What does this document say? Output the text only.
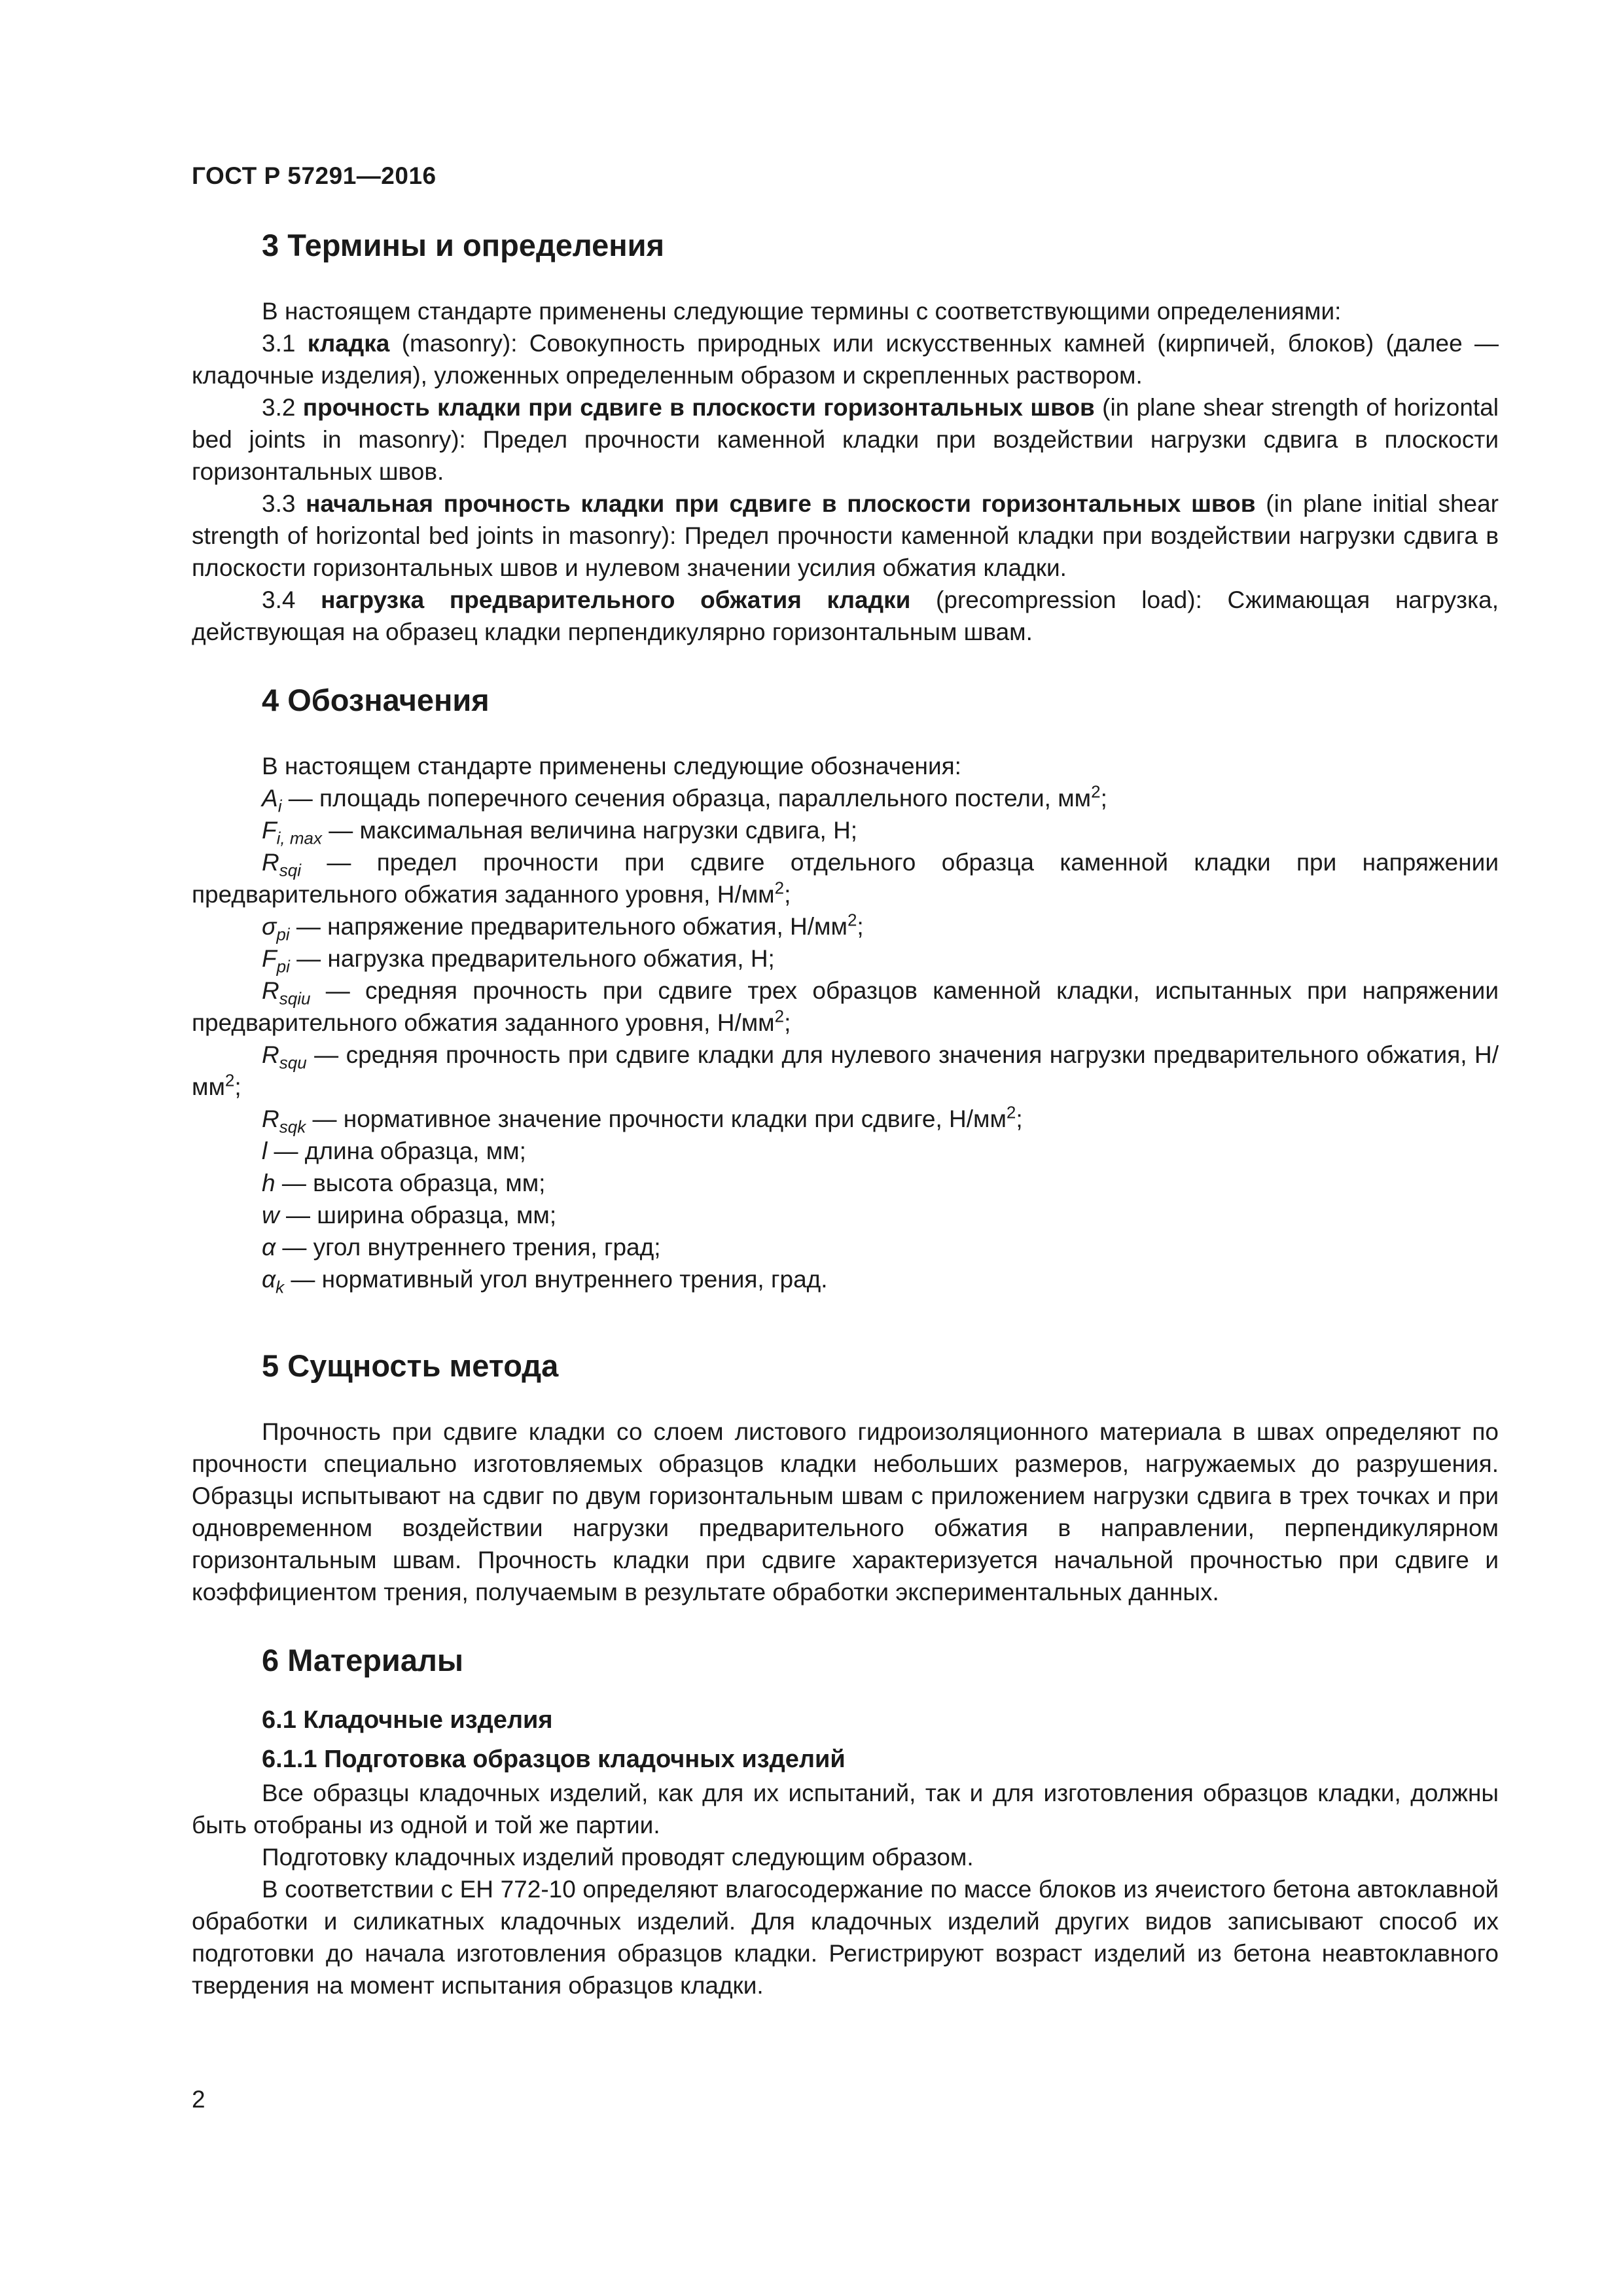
ГОСТ Р 57291—2016
3 Термины и определения

В настоящем стандарте применены следующие термины с соответствующими определениями:

3.1 кладка (masonry): Совокупность природных или искусственных камней (кирпичей, блоков) (далее — кладочные изделия), уложенных определенным образом и скрепленных раствором.

3.2 прочность кладки при сдвиге в плоскости горизонтальных швов (in plane shear strength of horizontal bed joints in masonry): Предел прочности каменной кладки при воздействии нагрузки сдвига в плоскости горизонтальных швов.

3.3 начальная прочность кладки при сдвиге в плоскости горизонтальных швов (in plane initial shear strength of horizontal bed joints in masonry): Предел прочности каменной кладки при воздействии нагрузки сдвига в плоскости горизонтальных швов и нулевом значении усилия обжатия кладки.

3.4 нагрузка предварительного обжатия кладки (precompression load): Сжимающая нагрузка, действующая на образец кладки перпендикулярно горизонтальным швам.

4 Обозначения

В настоящем стандарте применены следующие обозначения:

$A_i$ — площадь поперечного сечения образца, параллельного постели, $мм^2$;

$F_{i, max}$ — максимальная величина нагрузки сдвига, Н;

$R_{sqi}$ — предел прочности при сдвиге отдельного образца каменной кладки при напряжении предварительного обжатия заданного уровня, $Н/мм^2$;

$\sigma_{pi}$ — напряжение предварительного обжатия, $Н/мм^2$;

$F_{pi}$ — нагрузка предварительного обжатия, Н;

$R_{sqiu}$ — средняя прочность при сдвиге трех образцов каменной кладки, испытанных при напряжении предварительного обжатия заданного уровня, $Н/мм^2$;

$R_{squ}$ — средняя прочность при сдвиге кладки для нулевого значения нагрузки предварительного обжатия, $Н/мм^2$;

$R_{sqk}$ — нормативное значение прочности кладки при сдвиге, $Н/мм^2$;

l — длина образца, мм;

h — высота образца, мм;

w — ширина образца, мм;

α — угол внутреннего трения, град;

$\alpha_k$ — нормативный угол внутреннего трения, град.

5 Сущность метода

Прочность при сдвиге кладки со слоем листового гидроизоляционного материала в швах определяют по прочности специально изготовляемых образцов кладки небольших размеров, нагружаемых до разрушения. Образцы испытывают на сдвиг по двум горизонтальным швам с приложением нагрузки сдвига в трех точках и при одновременном воздействии нагрузки предварительного обжатия в направлении, перпендикулярном горизонтальным швам. Прочность кладки при сдвиге характеризуется начальной прочностью при сдвиге и коэффициентом трения, получаемым в результате обработки экспериментальных данных.

6 Материалы
6.1 Кладочные изделия
6.1.1 Подготовка образцов кладочных изделий

Все образцы кладочных изделий, как для их испытаний, так и для изготовления образцов кладки, должны быть отобраны из одной и той же партии.

Подготовку кладочных изделий проводят следующим образом.

В соответствии с ЕН 772-10 определяют влагосодержание по массе блоков из ячеистого бетона автоклавной обработки и силикатных кладочных изделий. Для кладочных изделий других видов записывают способ их подготовки до начала изготовления образцов кладки. Регистрируют возраст изделий из бетона неавтоклавного твердения на момент испытания образцов кладки.

2
